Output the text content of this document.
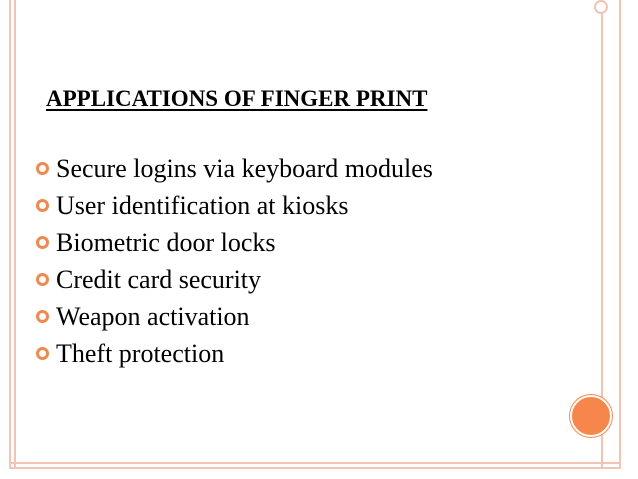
APPLICATIONS OF FINGER PRINT
Secure logins via keyboard modules
User identification at kiosks
Biometric door locks
Credit card security
Weapon activation
Theft protection
